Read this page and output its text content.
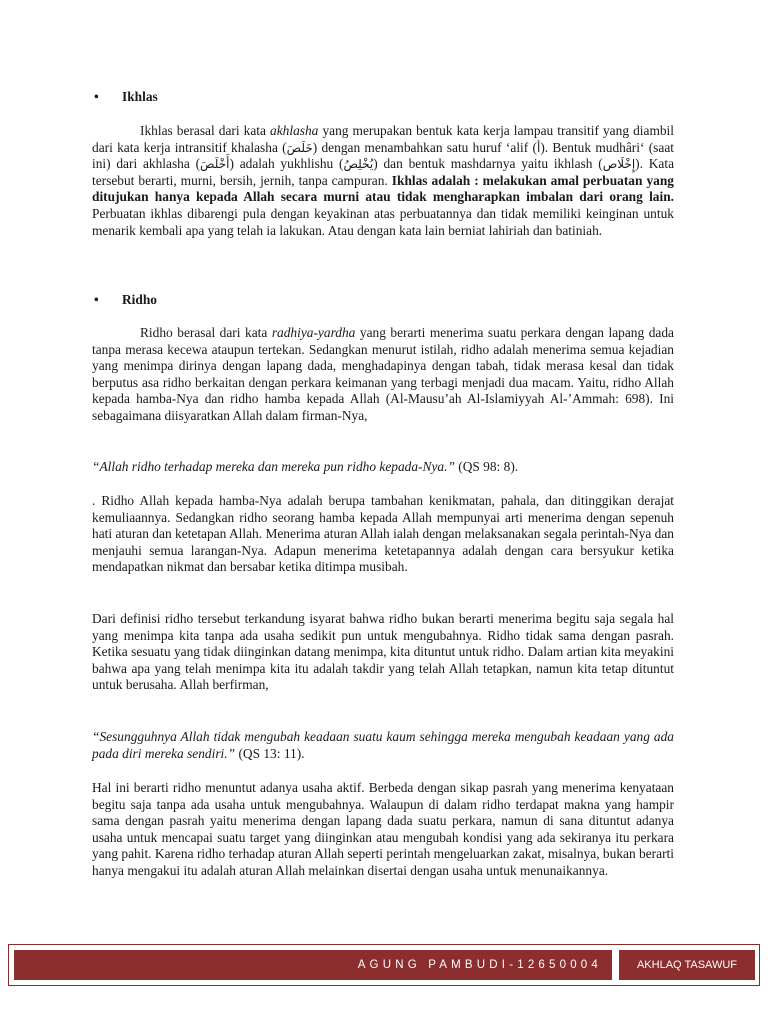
• Ikhlas

Ikhlas berasal dari kata akhlasha yang merupakan bentuk kata kerja lampau transitif yang diambil dari kata kerja intransitif khalasha (خَلَصَ) dengan menambahkan satu huruf ‘alif (أ). Bentuk mudhâri‘ (saat ini) dari akhlasha (أَخْلَصَ) adalah yukhlishu (يُخْلِصُ) dan bentuk mashdarnya yaitu ikhlash (إِخْلَاص). Kata tersebut berarti, murni, bersih, jernih, tanpa campuran. Ikhlas adalah : melakukan amal perbuatan yang ditujukan hanya kepada Allah secara murni atau tidak mengharapkan imbalan dari orang lain. Perbuatan ikhlas dibarengi pula dengan keyakinan atas perbuatannya dan tidak memiliki keinginan untuk menarik kembali apa yang telah ia lakukan. Atau dengan kata lain berniat lahiriah dan batiniah.

• Ridho

Ridho berasal dari kata radhiya-yardha yang berarti menerima suatu perkara dengan lapang dada tanpa merasa kecewa ataupun tertekan. Sedangkan menurut istilah, ridho adalah menerima semua kejadian yang menimpa dirinya dengan lapang dada, menghadapinya dengan tabah, tidak merasa kesal dan tidak berputus asa ridho berkaitan dengan perkara keimanan yang terbagi menjadi dua macam. Yaitu, ridho Allah kepada hamba-Nya dan ridho hamba kepada Allah (Al-Mausu’ah Al-Islamiyyah Al-’Ammah: 698). Ini sebagaimana diisyaratkan Allah dalam firman-Nya,

“Allah ridho terhadap mereka dan mereka pun ridho kepada-Nya.” (QS 98: 8).

. Ridho Allah kepada hamba-Nya adalah berupa tambahan kenikmatan, pahala, dan ditinggikan derajat kemuliaannya. Sedangkan ridho seorang hamba kepada Allah mempunyai arti menerima dengan sepenuh hati aturan dan ketetapan Allah. Menerima aturan Allah ialah dengan melaksanakan segala perintah-Nya dan menjauhi semua larangan-Nya. Adapun menerima ketetapannya adalah dengan cara bersyukur ketika mendapatkan nikmat dan bersabar ketika ditimpa musibah.

Dari definisi ridho tersebut terkandung isyarat bahwa ridho bukan berarti menerima begitu saja segala hal yang menimpa kita tanpa ada usaha sedikit pun untuk mengubahnya. Ridho tidak sama dengan pasrah. Ketika sesuatu yang tidak diinginkan datang menimpa, kita dituntut untuk ridho. Dalam artian kita meyakini bahwa apa yang telah menimpa kita itu adalah takdir yang telah Allah tetapkan, namun kita tetap dituntut untuk berusaha. Allah berfirman,

“Sesungguhnya Allah tidak mengubah keadaan suatu kaum sehingga mereka mengubah keadaan yang ada pada diri mereka sendiri.” (QS 13: 11).

Hal ini berarti ridho menuntut adanya usaha aktif. Berbeda dengan sikap pasrah yang menerima kenyataan begitu saja tanpa ada usaha untuk mengubahnya. Walaupun di dalam ridho terdapat makna yang hampir sama dengan pasrah yaitu menerima dengan lapang dada suatu perkara, namun di sana dituntut adanya usaha untuk mencapai suatu target yang diinginkan atau mengubah kondisi yang ada sekiranya itu perkara yang pahit. Karena ridho terhadap aturan Allah seperti perintah mengeluarkan zakat, misalnya, bukan berarti hanya mengakui itu adalah aturan Allah melainkan disertai dengan usaha untuk menunaikannya.

AGUNG PAMBUDI-12650004	AKHLAQ TASAWUF
